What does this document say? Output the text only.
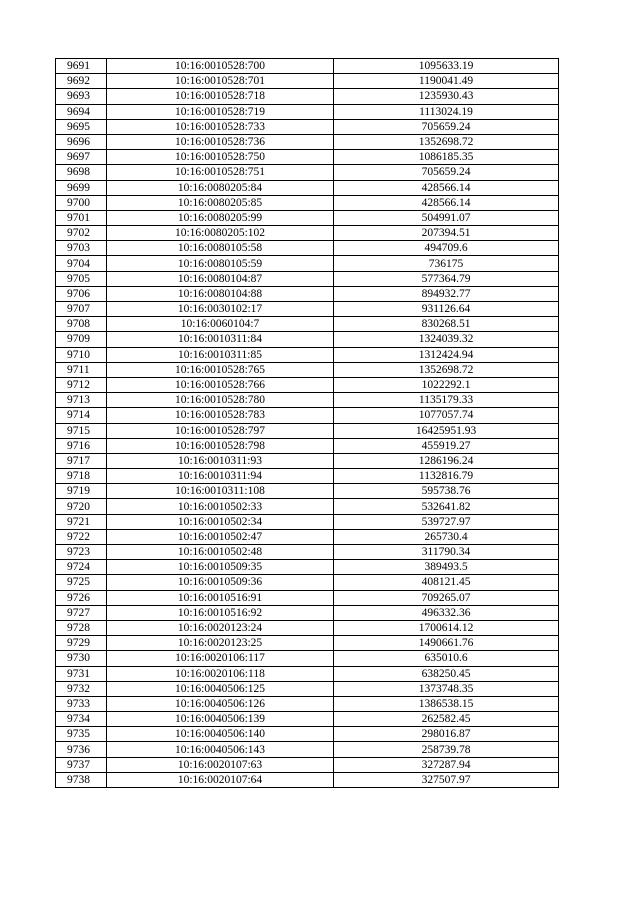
9691	10:16:0010528:700	1095633.19
9692	10:16:0010528:701	1190041.49
9693	10:16:0010528:718	1235930.43
9694	10:16:0010528:719	1113024.19
9695	10:16:0010528:733	705659.24
9696	10:16:0010528:736	1352698.72
9697	10:16:0010528:750	1086185.35
9698	10:16:0010528:751	705659.24
9699	10:16:0080205:84	428566.14
9700	10:16:0080205:85	428566.14
9701	10:16:0080205:99	504991.07
9702	10:16:0080205:102	207394.51
9703	10:16:0080105:58	494709.6
9704	10:16:0080105:59	736175
9705	10:16:0080104:87	577364.79
9706	10:16:0080104:88	894932.77
9707	10:16:0030102:17	931126.64
9708	10:16:0060104:7	830268.51
9709	10:16:0010311:84	1324039.32
9710	10:16:0010311:85	1312424.94
9711	10:16:0010528:765	1352698.72
9712	10:16:0010528:766	1022292.1
9713	10:16:0010528:780	1135179.33
9714	10:16:0010528:783	1077057.74
9715	10:16:0010528:797	16425951.93
9716	10:16:0010528:798	455919.27
9717	10:16:0010311:93	1286196.24
9718	10:16:0010311:94	1132816.79
9719	10:16:0010311:108	595738.76
9720	10:16:0010502:33	532641.82
9721	10:16:0010502:34	539727.97
9722	10:16:0010502:47	265730.4
9723	10:16:0010502:48	311790.34
9724	10:16:0010509:35	389493.5
9725	10:16:0010509:36	408121.45
9726	10:16:0010516:91	709265.07
9727	10:16:0010516:92	496332.36
9728	10:16:0020123:24	1700614.12
9729	10:16:0020123:25	1490661.76
9730	10:16:0020106:117	635010.6
9731	10:16:0020106:118	638250.45
9732	10:16:0040506:125	1373748.35
9733	10:16:0040506:126	1386538.15
9734	10:16:0040506:139	262582.45
9735	10:16:0040506:140	298016.87
9736	10:16:0040506:143	258739.78
9737	10:16:0020107:63	327287.94
9738	10:16:0020107:64	327507.97
